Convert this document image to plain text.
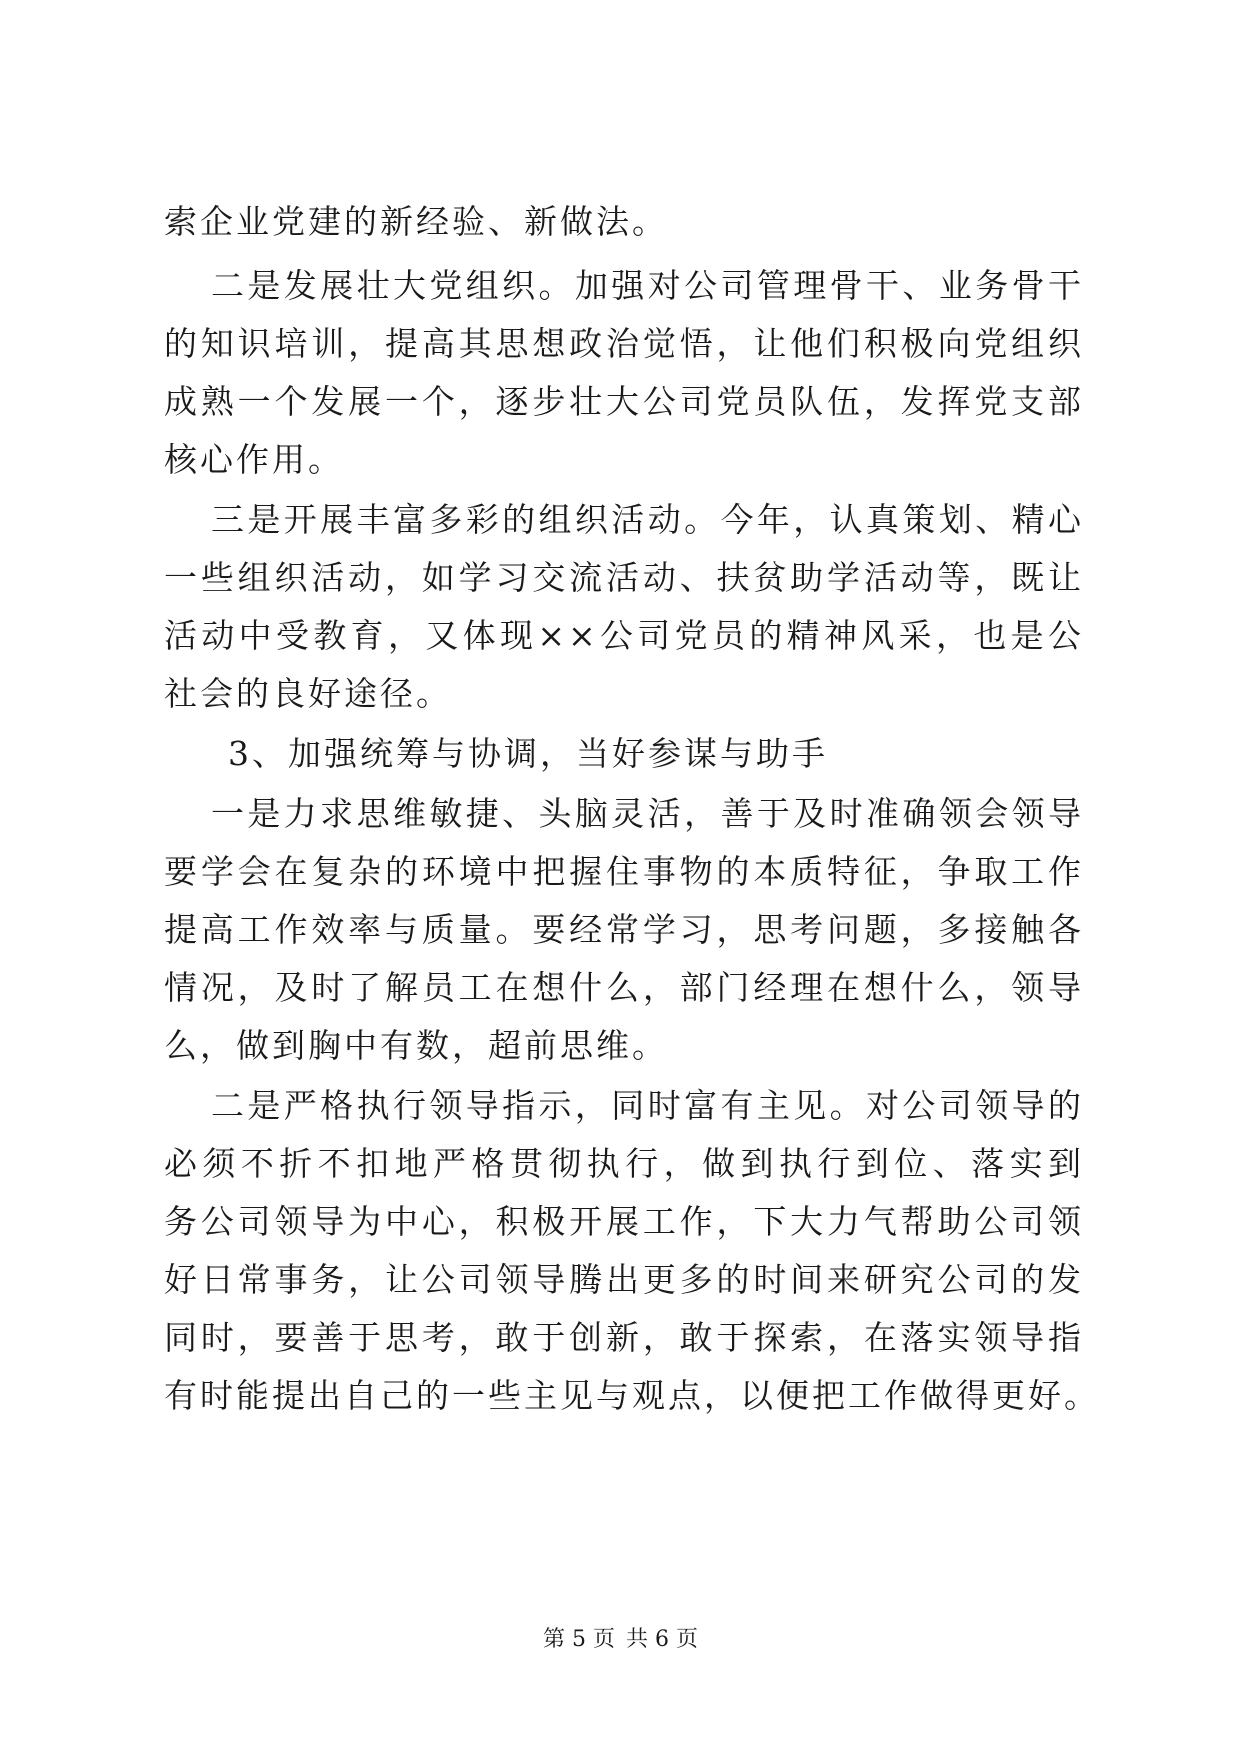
索企业党建的新经验、新做法。
二是发展壮大党组织。加强对公司管理骨干、业务骨干
的知识培训，提高其思想政治觉悟，让他们积极向党组织
成熟一个发展一个，逐步壮大公司党员队伍，发挥党支部
核心作用。
三是开展丰富多彩的组织活动。今年，认真策划、精心
一些组织活动，如学习交流活动、扶贫助学活动等，既让
活动中受教育，又体现××公司党员的精神风采，也是公
社会的良好途径。
3、加强统筹与协调，当好参谋与助手
一是力求思维敏捷、头脑灵活，善于及时准确领会领导
要学会在复杂的环境中把握住事物的本质特征，争取工作
提高工作效率与质量。要经常学习，思考问题，多接触各
情况，及时了解员工在想什么，部门经理在想什么，领导
么，做到胸中有数，超前思维。
二是严格执行领导指示，同时富有主见。对公司领导的
必须不折不扣地严格贯彻执行，做到执行到位、落实到
务公司领导为中心，积极开展工作，下大力气帮助公司领
好日常事务，让公司领导腾出更多的时间来研究公司的发
同时，要善于思考，敢于创新，敢于探索，在落实领导指
有时能提出自己的一些主见与观点，以便把工作做得更好。
第 5 页 共 6 页
